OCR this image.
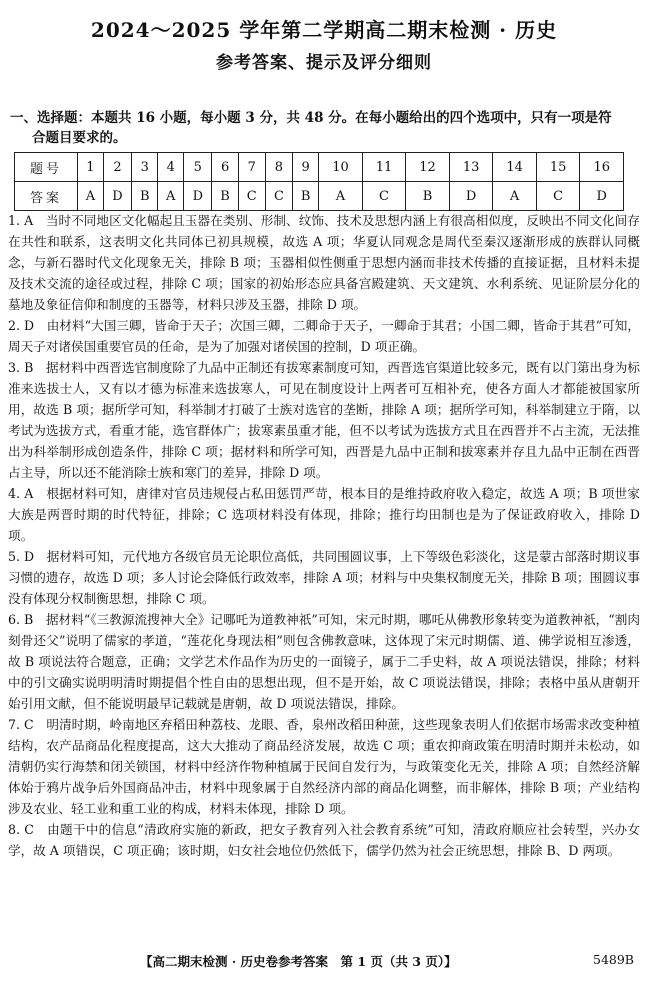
2024～2025 学年第二学期高二期末检测 · 历史
参考答案、提示及评分细则
一、选择题：本题共 16 小题，每小题 3 分，共 48 分。在每小题给出的四个选项中，只有一项是符
合题目要求的。
题号	1	2	3	4	5	6	7	8	9	10	11	12	13	14	15	16
答案	A	D	B	A	D	B	C	C	B	A	C	B	D	A	C	D

1. A　当时不同地区文化幅起且玉器在类别、形制、纹饰、技术及思想内涵上有很高相似度，反映出不同文化间存在共性和联系，这表明文化共同体已初具规模，故选 A 项；华夏认同观念是周代至秦汉逐渐形成的族群认同概念，与新石器时代文化现象无关，排除 B 项；玉器相似性侧重于思想内涵而非技术传播的直接证据，且材料未提及技术交流的途径或过程，排除 C 项；国家的初始形态应具备宫殿建筑、天文建筑、水利系统、见证阶层分化的墓地及象征信仰和制度的玉器等，材料只涉及玉器，排除 D 项。

2. D　由材料“大国三卿，皆命于天子；次国三卿，二卿命于天子，一卿命于其君；小国二卿，皆命于其君”可知，周天子对诸侯国重要官员的任命，是为了加强对诸侯国的控制，D 项正确。

3. B　据材料中西晋选官制度除了九品中正制还有拔寒素制度可知，西晋选官渠道比较多元，既有以门第出身为标准来选拔士人，又有以才德为标准来选拔寒人，可见在制度设计上两者可互相补充，使各方面人才都能被国家所用，故选 B 项；据所学可知，科举制才打破了士族对选官的垄断，排除 A 项；据所学可知，科举制建立于隋，以考试为选拔方式，看重才能，选官群体广；拔寒素虽重才能，但不以考试为选拔方式且在西晋并不占主流，无法推出为科举制形成创造条件，排除 C 项；据材料和所学可知，西晋是九品中正制和拔寒素并存且九品中正制在西晋占主导，所以还不能消除士族和寒门的差异，排除 D 项。

4. A　根据材料可知，唐律对官员违规侵占私田惩罚严苛，根本目的是维持政府收入稳定，故选 A 项；B 项世家大族是两晋时期的时代特征，排除；C 选项材料没有体现，排除；推行均田制也是为了保证政府收入，排除 D 项。

5. D　据材料可知，元代地方各级官员无论职位高低，共同围圆议事，上下等级色彩淡化，这是蒙古部落时期议事习惯的遗存，故选 D 项；多人讨论会降低行政效率，排除 A 项；材料与中央集权制度无关，排除 B 项；围圆议事没有体现分权制衡思想，排除 C 项。

6. B　据材料“《三教源流搜神大全》记哪吒为道教神祇”可知，宋元时期，哪吒从佛教形象转变为道教神祇，“割肉刻骨还父”说明了儒家的孝道，“莲花化身现法相”则包含佛教意味，这体现了宋元时期儒、道、佛学说相互渗透，故 B 项说法符合题意，正确；文学艺术作品作为历史的一面镜子，属于二手史料，故 A 项说法错误，排除；材料中的引文确实说明明清时期提倡个性自由的思想出现，但不是开始，故 C 项说法错误，排除；表格中虽从唐朝开始引用文献，但不能说明最早记载就是唐朝，故 D 项说法错误，排除。

7. C　明清时期，岭南地区弃稻田种荔枝、龙眼、香，泉州改稻田种蔗，这些现象表明人们依据市场需求改变种植结构，农产品商品化程度提高，这大大推动了商品经济发展，故选 C 项；重农抑商政策在明清时期并未松动，如清朝仍实行海禁和闭关锁国，材料中经济作物种植属于民间自发行为，与政策变化无关，排除 A 项；自然经济解体始于鸦片战争后外国商品冲击，材料中现象属于自然经济内部的商品化调整，而非解体，排除 B 项；产业结构涉及农业、轻工业和重工业的构成，材料未体现，排除 D 项。

8. C　由题干中的信息“清政府实施的新政，把女子教育列入社会教育系统”可知，清政府顺应社会转型，兴办女学，故 A 项错误，C 项正确；该时期，妇女社会地位仍然低下，儒学仍然为社会正统思想，排除 B、D 两项。

【高二期末检测 · 历史卷参考答案　第 1 页（共 3 页）】	5489B
